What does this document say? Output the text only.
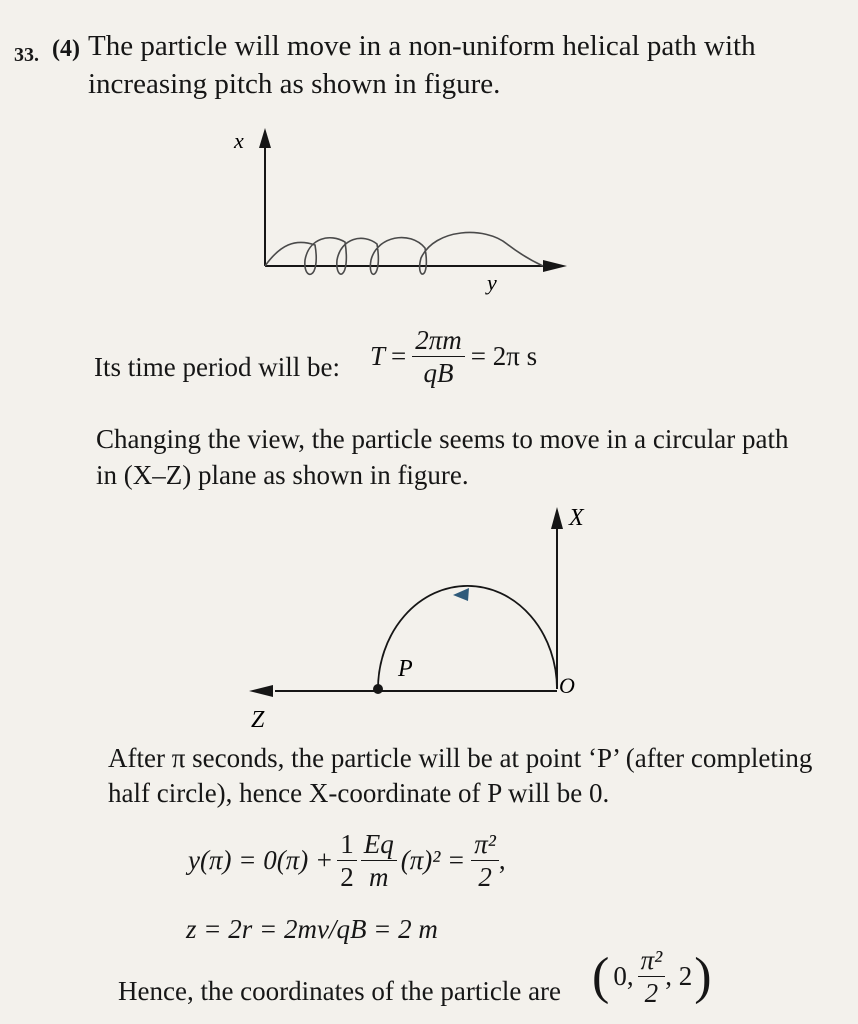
33. (4) The particle will move in a non-uniform helical path with
increasing pitch as shown in figure.
x
y
Its time period will be: $T = \frac{2\pi m}{qB} = 2\pi$ s
Changing the view, the particle seems to move in a circular path
in (X–Z) plane as shown in figure.
X
Z
O
P
After π seconds, the particle will be at point ‘P’ (after completing
half circle), hence X-coordinate of P will be 0.
$y(\pi) = 0(\pi) + \frac{1}{2} \frac{Eq}{m} (\pi)^2 = \frac{\text{π²}}{2}$ ,
z = 2r = 2mv/qB = 2 m
Hence, the coordinates of the particle are ( 0, $\frac{\text{π²}}{2}$ , 2 )
